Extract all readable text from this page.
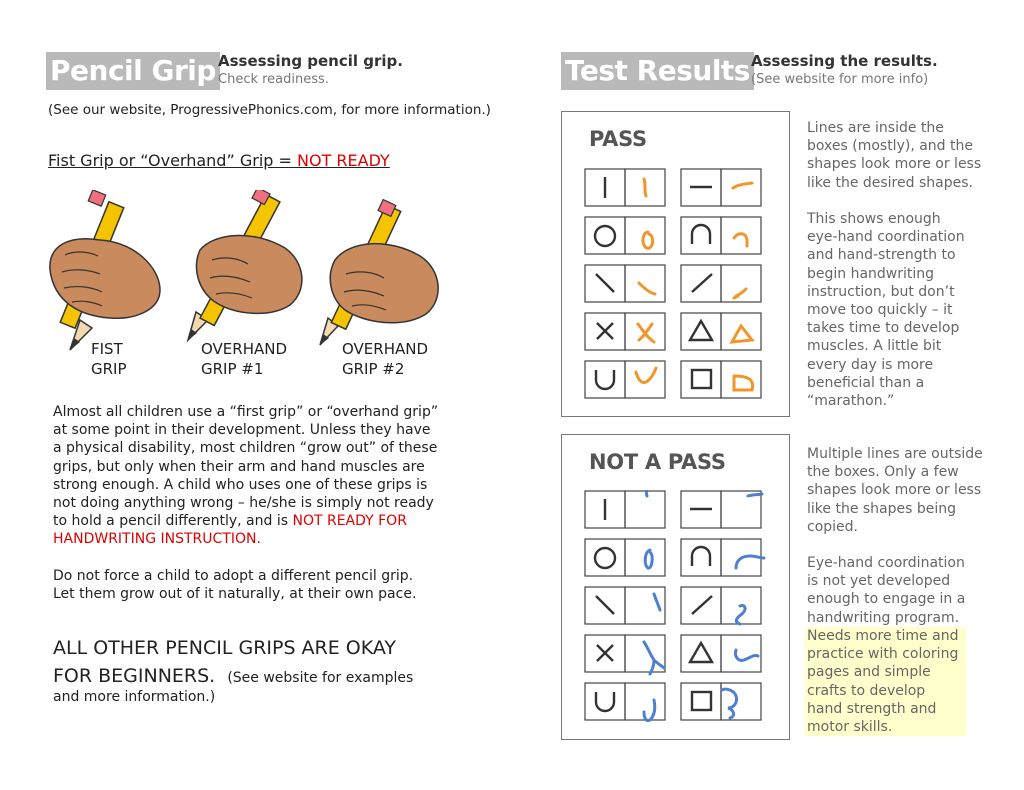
Pencil Grip Assessing pencil grip.
Check readiness.
(See our website, ProgressivePhonics.com, for more information.)
Fist Grip or “Overhand” Grip = NOT READY
FIST
GRIP
OVERHAND
GRIP #1
OVERHAND
GRIP #2
Almost all children use a “first grip” or “overhand grip”
at some point in their development. Unless they have
a physical disability, most children “grow out” of these
grips, but only when their arm and hand muscles are
strong enough. A child who uses one of these grips is
not doing anything wrong – he/she is simply not ready
to hold a pencil differently, and is NOT READY FOR
HANDWRITING INSTRUCTION.
Do not force a child to adopt a different pencil grip.
Let them grow out of it naturally, at their own pace.
ALL OTHER PENCIL GRIPS ARE OKAY
FOR BEGINNERS. (See website for examples
and more information.)
Test Results Assessing the results.
(See website for more info)
PASS
NOT A PASS
Lines are inside the
boxes (mostly), and the
shapes look more or less
like the desired shapes.
This shows enough
eye-hand coordination
and hand-strength to
begin handwriting
instruction, but don’t
move too quickly – it
takes time to develop
muscles. A little bit
every day is more
beneficial than a
“marathon.”
Multiple lines are outside
the boxes. Only a few
shapes look more or less
like the shapes being
copied.
Eye-hand coordination
is not yet developed
enough to engage in a
handwriting program.
Needs more time and
practice with coloring
pages and simple
crafts to develop
hand strength and
motor skills.
